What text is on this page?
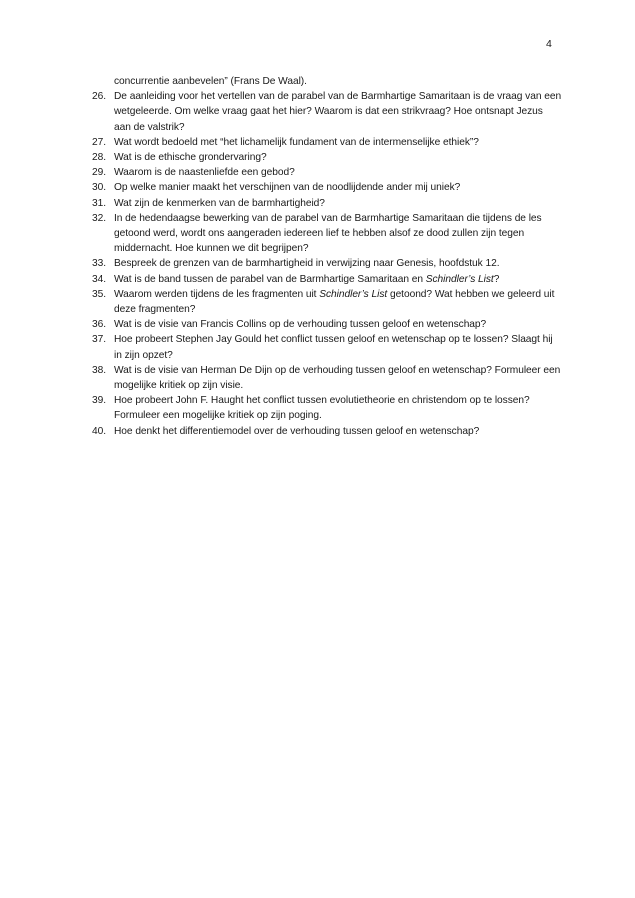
4
concurrentie aanbevelen” (Frans De Waal).
26. De aanleiding voor het vertellen van de parabel van de Barmhartige Samaritaan is de vraag van een wetgeleerde. Om welke vraag gaat het hier? Waarom is dat een strikvraag? Hoe ontsnapt Jezus aan de valstrik?
27. Wat wordt bedoeld met “het lichamelijk fundament van de intermenselijke ethiek”?
28. Wat is de ethische grondervaring?
29. Waarom is de naastenliefde een gebod?
30. Op welke manier maakt het verschijnen van de noodlijdende ander mij uniek?
31. Wat zijn de kenmerken van de barmhartigheid?
32. In de hedendaagse bewerking van de parabel van de Barmhartige Samaritaan die tijdens de les getoond werd, wordt ons aangeraden iedereen lief te hebben alsof ze dood zullen zijn tegen middernacht. Hoe kunnen we dit begrijpen?
33. Bespreek de grenzen van de barmhartigheid in verwijzing naar Genesis, hoofdstuk 12.
34. Wat is de band tussen de parabel van de Barmhartige Samaritaan en Schindler’s List?
35. Waarom werden tijdens de les fragmenten uit Schindler’s List getoond? Wat hebben we geleerd uit deze fragmenten?
36. Wat is de visie van Francis Collins op de verhouding tussen geloof en wetenschap?
37. Hoe probeert Stephen Jay Gould het conflict tussen geloof en wetenschap op te lossen? Slaagt hij in zijn opzet?
38. Wat is de visie van Herman De Dijn op de verhouding tussen geloof en wetenschap? Formuleer een mogelijke kritiek op zijn visie.
39. Hoe probeert John F. Haught het conflict tussen evolutietheorie en christendom op te lossen? Formuleer een mogelijke kritiek op zijn poging.
40. Hoe denkt het differentiemodel over de verhouding tussen geloof en wetenschap?
